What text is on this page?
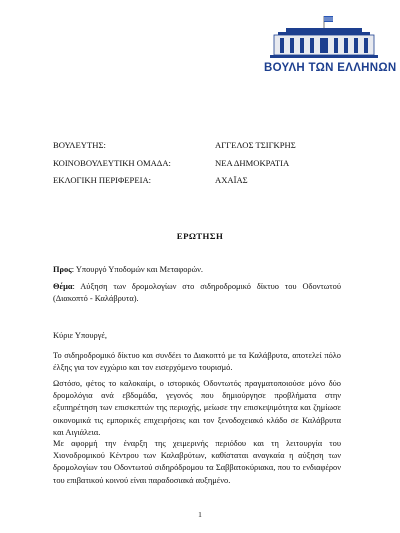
ΒΟΥΛΗ ΤΩΝ ΕΛΛΗΝΩΝ
ΒΟΥΛΕΥΤΗΣ:	ΑΓΓΕΛΟΣ ΤΣΙΓΚΡΗΣ
ΚΟΙΝΟΒΟΥΛΕΥΤΙΚΗ ΟΜΑΔΑ:	ΝΕΑ ΔΗΜΟΚΡΑΤΙΑ
ΕΚΛΟΓΙΚΗ ΠΕΡΙΦΕΡΕΙΑ:	ΑΧΑΪΑΣ
ΕΡΩΤΗΣΗ
Προς: Υπουργό Υποδομών και Μεταφορών.
Θέμα: Αύξηση των δρομολογίων στο σιδηροδρομικό δίκτυο του Οδοντωτού (Διακοπτό - Καλάβρυτα).
Κύριε Υπουργέ,
Το σιδηροδρομικό δίκτυο και συνδέει το Διακοπτό με τα Καλάβρυτα, αποτελεί πόλο έλξης για τον εγχώριο και τον εισερχόμενο τουρισμό.
Ωστόσο, φέτος το καλοκαίρι, ο ιστορικός Οδοντωτός πραγματοποιούσε μόνο δύο δρομολόγια ανά εβδομάδα, γεγονός που δημιούργησε προβλήματα στην εξυπηρέτηση των επισκεπτών της περιοχής, μείωσε την επισκεψιμότητα και ζημίωσε οικονομικά τις εμπορικές επιχειρήσεις και τον ξενοδοχειακό κλάδο σε Καλάβρυτα και Αιγιάλεια.
Με αφορμή την έναρξη της χειμερινής περιόδου και τη λειτουργία του Χιονοδρομικού Κέντρου των Καλαβρύτων, καθίσταται αναγκαία η αύξηση των δρομολογίων του Οδοντωτού σιδηρόδρομου τα Σαββατοκύριακα, που το ενδιαφέρον του επιβατικού κοινού είναι παραδοσιακά αυξημένο.
1
